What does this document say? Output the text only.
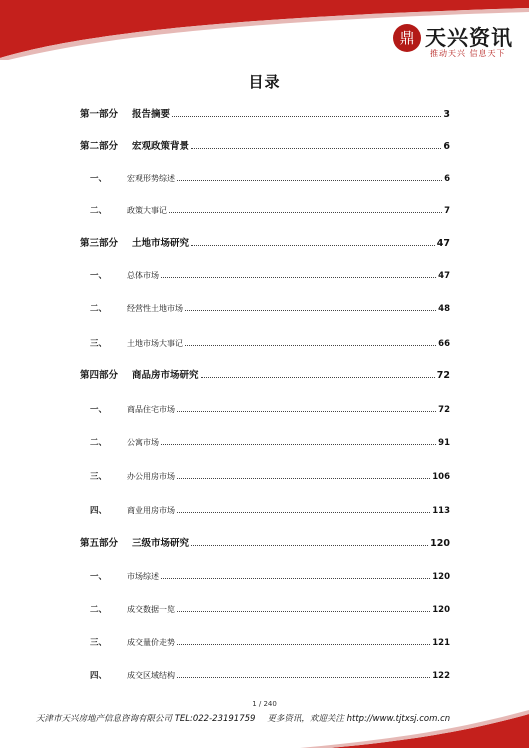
鼎 天兴资讯
推动天兴 信息天下
目录
第一部分 报告摘要	3
第二部分 宏观政策背景	6
一、	宏观形势综述	6
二、	政策大事记	7
第三部分 土地市场研究	47
一、	总体市场	47
二、	经营性土地市场	48
三、	土地市场大事记	66
第四部分 商品房市场研究	72
一、	商品住宅市场	72
二、	公寓市场	91
三、	办公用房市场	106
四、	商业用房市场	113
第五部分 三级市场研究	120
一、	市场综述	120
二、	成交数据一览	120
三、	成交量价走势	121
四、	成交区域结构	122
1 / 240
天津市天兴房地产信息咨询有限公司 TEL:022-23191759 更多资讯，欢迎关注 http://www.tjtxsj.com.cn
